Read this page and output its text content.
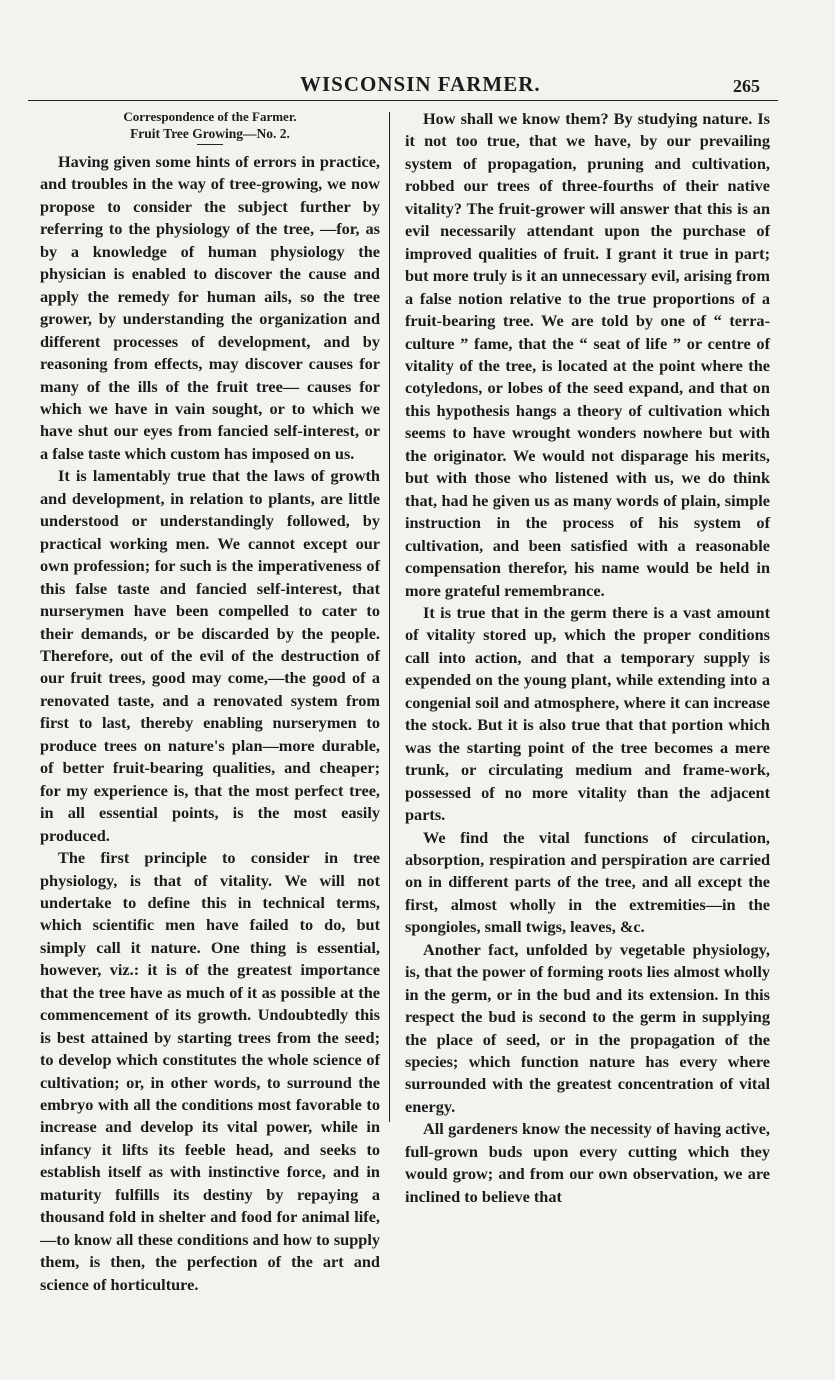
WISCONSIN FARMER.	265
Correspondence of the Farmer.
Fruit Tree Growing—No. 2.

Having given some hints of errors in practice, and troubles in the way of tree-growing, we now propose to consider the subject further by referring to the physiology of the tree, —for, as by a knowledge of human physiology the physician is enabled to discover the cause and apply the remedy for human ails, so the tree grower, by understanding the organization and different processes of development, and by reasoning from effects, may discover causes for many of the ills of the fruit tree— causes for which we have in vain sought, or to which we have shut our eyes from fancied self-interest, or a false taste which custom has imposed on us.

It is lamentably true that the laws of growth and development, in relation to plants, are little understood or understandingly followed, by practical working men. We cannot except our own profession; for such is the imperativeness of this false taste and fancied self-interest, that nurserymen have been compelled to cater to their demands, or be discarded by the people. Therefore, out of the evil of the destruction of our fruit trees, good may come,—the good of a renovated taste, and a renovated system from first to last, thereby enabling nurserymen to produce trees on nature's plan—more durable, of better fruit-bearing qualities, and cheaper; for my experience is, that the most perfect tree, in all essential points, is the most easily produced.

The first principle to consider in tree physiology, is that of vitality. We will not undertake to define this in technical terms, which scientific men have failed to do, but simply call it nature. One thing is essential, however, viz.: it is of the greatest importance that the tree have as much of it as possible at the commencement of its growth. Undoubtedly this is best attained by starting trees from the seed; to develop which constitutes the whole science of cultivation; or, in other words, to surround the embryo with all the conditions most favorable to increase and develop its vital power, while in infancy it lifts its feeble head, and seeks to establish itself as with instinctive force, and in maturity fulfills its destiny by repaying a thousand fold in shelter and food for animal life,—to know all these conditions and how to supply them, is then, the perfection of the art and science of horticulture.

How shall we know them? By studying nature. Is it not too true, that we have, by our prevailing system of propagation, pruning and cultivation, robbed our trees of three-fourths of their native vitality? The fruit-grower will answer that this is an evil necessarily attendant upon the purchase of improved qualities of fruit. I grant it true in part; but more truly is it an unnecessary evil, arising from a false notion relative to the true proportions of a fruit-bearing tree. We are told by one of “ terra-culture ” fame, that the “ seat of life ” or centre of vitality of the tree, is located at the point where the cotyledons, or lobes of the seed expand, and that on this hypothesis hangs a theory of cultivation which seems to have wrought wonders nowhere but with the originator. We would not disparage his merits, but with those who listened with us, we do think that, had he given us as many words of plain, simple instruction in the process of his system of cultivation, and been satisfied with a reasonable compensation therefor, his name would be held in more grateful remembrance.

It is true that in the germ there is a vast amount of vitality stored up, which the proper conditions call into action, and that a temporary supply is expended on the young plant, while extending into a congenial soil and atmosphere, where it can increase the stock. But it is also true that that portion which was the starting point of the tree becomes a mere trunk, or circulating medium and frame-work, possessed of no more vitality than the adjacent parts.

We find the vital functions of circulation, absorption, respiration and perspiration are carried on in different parts of the tree, and all except the first, almost wholly in the extremities—in the spongioles, small twigs, leaves, &c.

Another fact, unfolded by vegetable physiology, is, that the power of forming roots lies almost wholly in the germ, or in the bud and its extension. In this respect the bud is second to the germ in supplying the place of seed, or in the propagation of the species; which function nature has every where surrounded with the greatest concentration of vital energy.

All gardeners know the necessity of having active, full-grown buds upon every cutting which they would grow; and from our own observation, we are inclined to believe that
